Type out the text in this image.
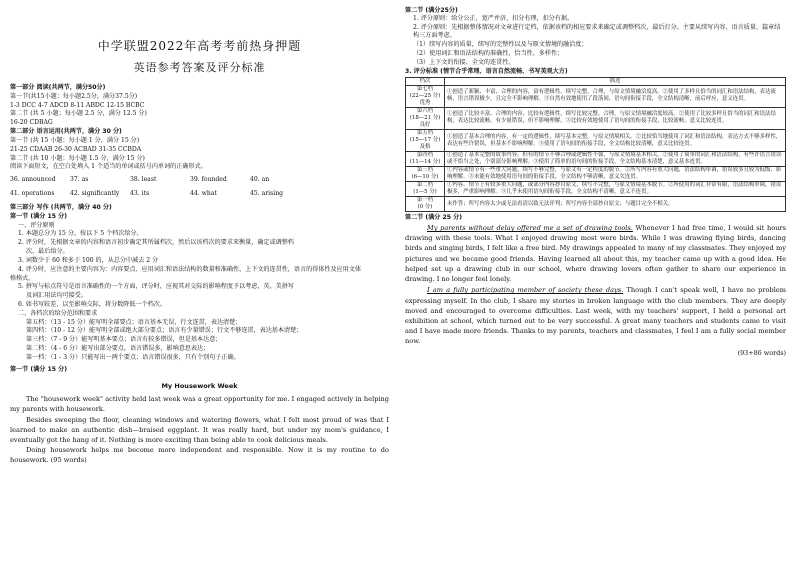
中学联盟2022年高考考前热身押题
英语参考答案及评分标准
第一部分 阅读(共两节，满分50分)
第一节(共15小题；每小题2.5分，满分37.5分)
1-3 DCC 4-7 ADCD 8-11 ABDC 12-15 BCBC
第二节 (共 5 小题；每小题 2.5 分，满分 12.5 分)
16-20 CDBAG
第二部分 语言运用(共两节，满分 30 分)
第一节 (共 15 小题；每小题 1 分，满分 15 分)
21-25 CDAAB 26-30 ACBAD 31-35 CCBDA
第二节 (共 10 小题；每小题 1.5 分，满分 15 分)
阅读下面短文，在空白处填入 1 个适当的单词或括号内单词的正确形式。
36. announced	37. as	38. least	39. founded	40. an
41. operations	42. significantly	43. its	44. what	45. arising
第三部分 写作 (共两节，满分 40 分)
第一节 (满分 15 分)
一、评分原则
1. 本题总分为 15 分，按以下 5 个档次给分。
2. 评分时，先根据文章的内容和语言初步确定其所属档次，然后以该档次的要求来衡量，确定或调整档
次，最后给分。
3. 词数少于 60 和多于 100 的，从总分中减去 2 分
4. 评分时，应注意的主要内容为：内容要点、应用词汇和语法结构的数量和准确性、上下文的连贯性，语言的得体性及应用文体
格格式。
5. 拼写与标点符号是语言准确性的一个方面，评分时，应视其对交际的影响程度予以考虑，英、美拼写
及词汇用法均可接受。
6. 如书写较差，以至影响交际，将分数降低一个档次。
二、各档次的给分范围和要求
第五档：（13 - 15 分）能写明全部要点；语言基本无误，行文连贯，表达清楚；
第四档：（10 - 12 分）能写明全部或绝大部分要点；语言有少量错误；行文不够连贯，表达基本清楚；
第三档：（7 - 9 分）能写明基本要点；语言有较多错误，但是基本达意；
第二档：（4 - 6 分）能写出部分要点，语言错误多，影响意思表达；
第一档：（1 - 3 分）只能写出一两个要点；语言错误很多，只有个别句子正确。
第一节 (满分 15 分)
My Housework Week

The "housework week" activity held last week was a great opportunity for me. I engaged actively in helping my parents with housework.

Besides sweeping the floor, cleaning windows and watering flowers, what I felt most proud of was that I learned to make an authentic dish—braised eggplant. It was really hard, but under my mom's guidance, I eventually got the hang of it. Nothing is more exciting than being able to cook delicious meals.

Doing housework helps me become more independent and responsible. Now it is my routine to do housework. (95 words)

第二节 (满分25分)
1. 评分原则：给分公正，宽严并济，扣分有理，扣分有据。
2. 评分原则：先根据整体情况对文章进行定档，依据该档的相应要求来确定或调整档次，最后打分。主要从续写内容、语言质量、篇章结构三方面考虑。
（1）续写内容的质量，续写的完整性以及与原文情境的融洽度；
（2）使用词汇和语法结构的准确性、恰当性、多样性；
（3）上下文的衔接、全文的连贯性。
3. 评分标准 (情节合乎常理、语言自然流畅、书写美观大方)
档次	描述
第七档
(22—25 分)
优秀	①创造了新颖、丰富、合理的内容，富有逻辑性，续写完整，合理，与原文情境融洽度高。②使用了多样且恰当的词汇和语法结构，表达流畅，语言错误极少，且完全不影响理解。③自然有效地使用了段落间、语句间衔接手段，全文结构清晰，前后呼应，意义连贯。
第六档
(18—21 分)
良好	①创造了比较丰富、合理的内容，比较有逻辑性，续写比较完整，合理，与原文情境融洽度较高。②使用了比较多样且恰当的词汇和语法结构，表达比较流畅，有少量错误，但不影响理解。③比较有效地使用了语句间的衔接手段，比较流畅，意义比较连贯。
第五档
(15—17 分)
及格	①创造了基本合理的内容，有一定的逻辑性，续写基本完整，与原文情境相关。②比较恰当地使用了词汇和语法结构，表达方式不够多样性，表达有些许错误，但基本不影响理解。③使用了语句间的衔接手段，全文结构比较清晰，意义比较连贯。
第四档
(11—14 分)	①创造了基本完整的故事内容，但有的情节不够合理或逻辑性不强，与原文情境基本相关。②使用了简单的词汇和语法结构，有些许语言错误或不恰当之处，个别部分影响理解。③使用了简单的语句间的衔接手段，全文结构基本清楚，意义基本连贯。
第三档
(6—10 分)	①内容或情节有一些重大问题，续写不够完整，与原文有一定程度的脱节。②所写内容有重大问题，语法结构单调，错误较多且较为低级，影响理解。③未能有效地使用语句间的衔接手段，全文结构不够清晰，意义欠连贯。
第二档
(1—5 分)	①内容，情节上有较多重大问题，或部分内容抄自原文，续写不完整，与原文情境基本脱节。②所使用的词汇非常有限，语法结构单调，错误极多，严重影响理解。③几乎未使用语句间衔接手段，全文结构不清晰，意义不连贯。
第一档
(0 分)	未作答；所写内容太少或无法看清以致无法评判；所写内容全部抄自原文；与题目完全不相关。
第二节 (满分 25 分)

My parents without delay offered me a set of drawing tools. Whenever I had free time, I would sit hours drawing with these tools. What I enjoyed drawing most were birds. While I was drawing flying birds, dancing birds and singing birds, I felt like a free bird. My drawings appealed to many of my classmates. They enjoyed my pictures and we became good friends. Having learned all about this, my teacher came up with a good idea. He helped set up a drawing club in our school, where drawing lovers often gather to share our experience in drawing. I no longer feel lonely.

I am a fully participating member of society these days. Though I can't speak well, I have no problem expressing myself. In the club, I share my stories in broken language with the club members. They are deeply moved and encouraged to overcome difficulties. Last week, with my teachers' support, I held a personal art exhibition at school, which turned out to be very successful. A great many teachers and students came to visit and I have made more friends. Thanks to my parents, teachers and classmates, I feel I am a fully social member now.

(93+86 words)
